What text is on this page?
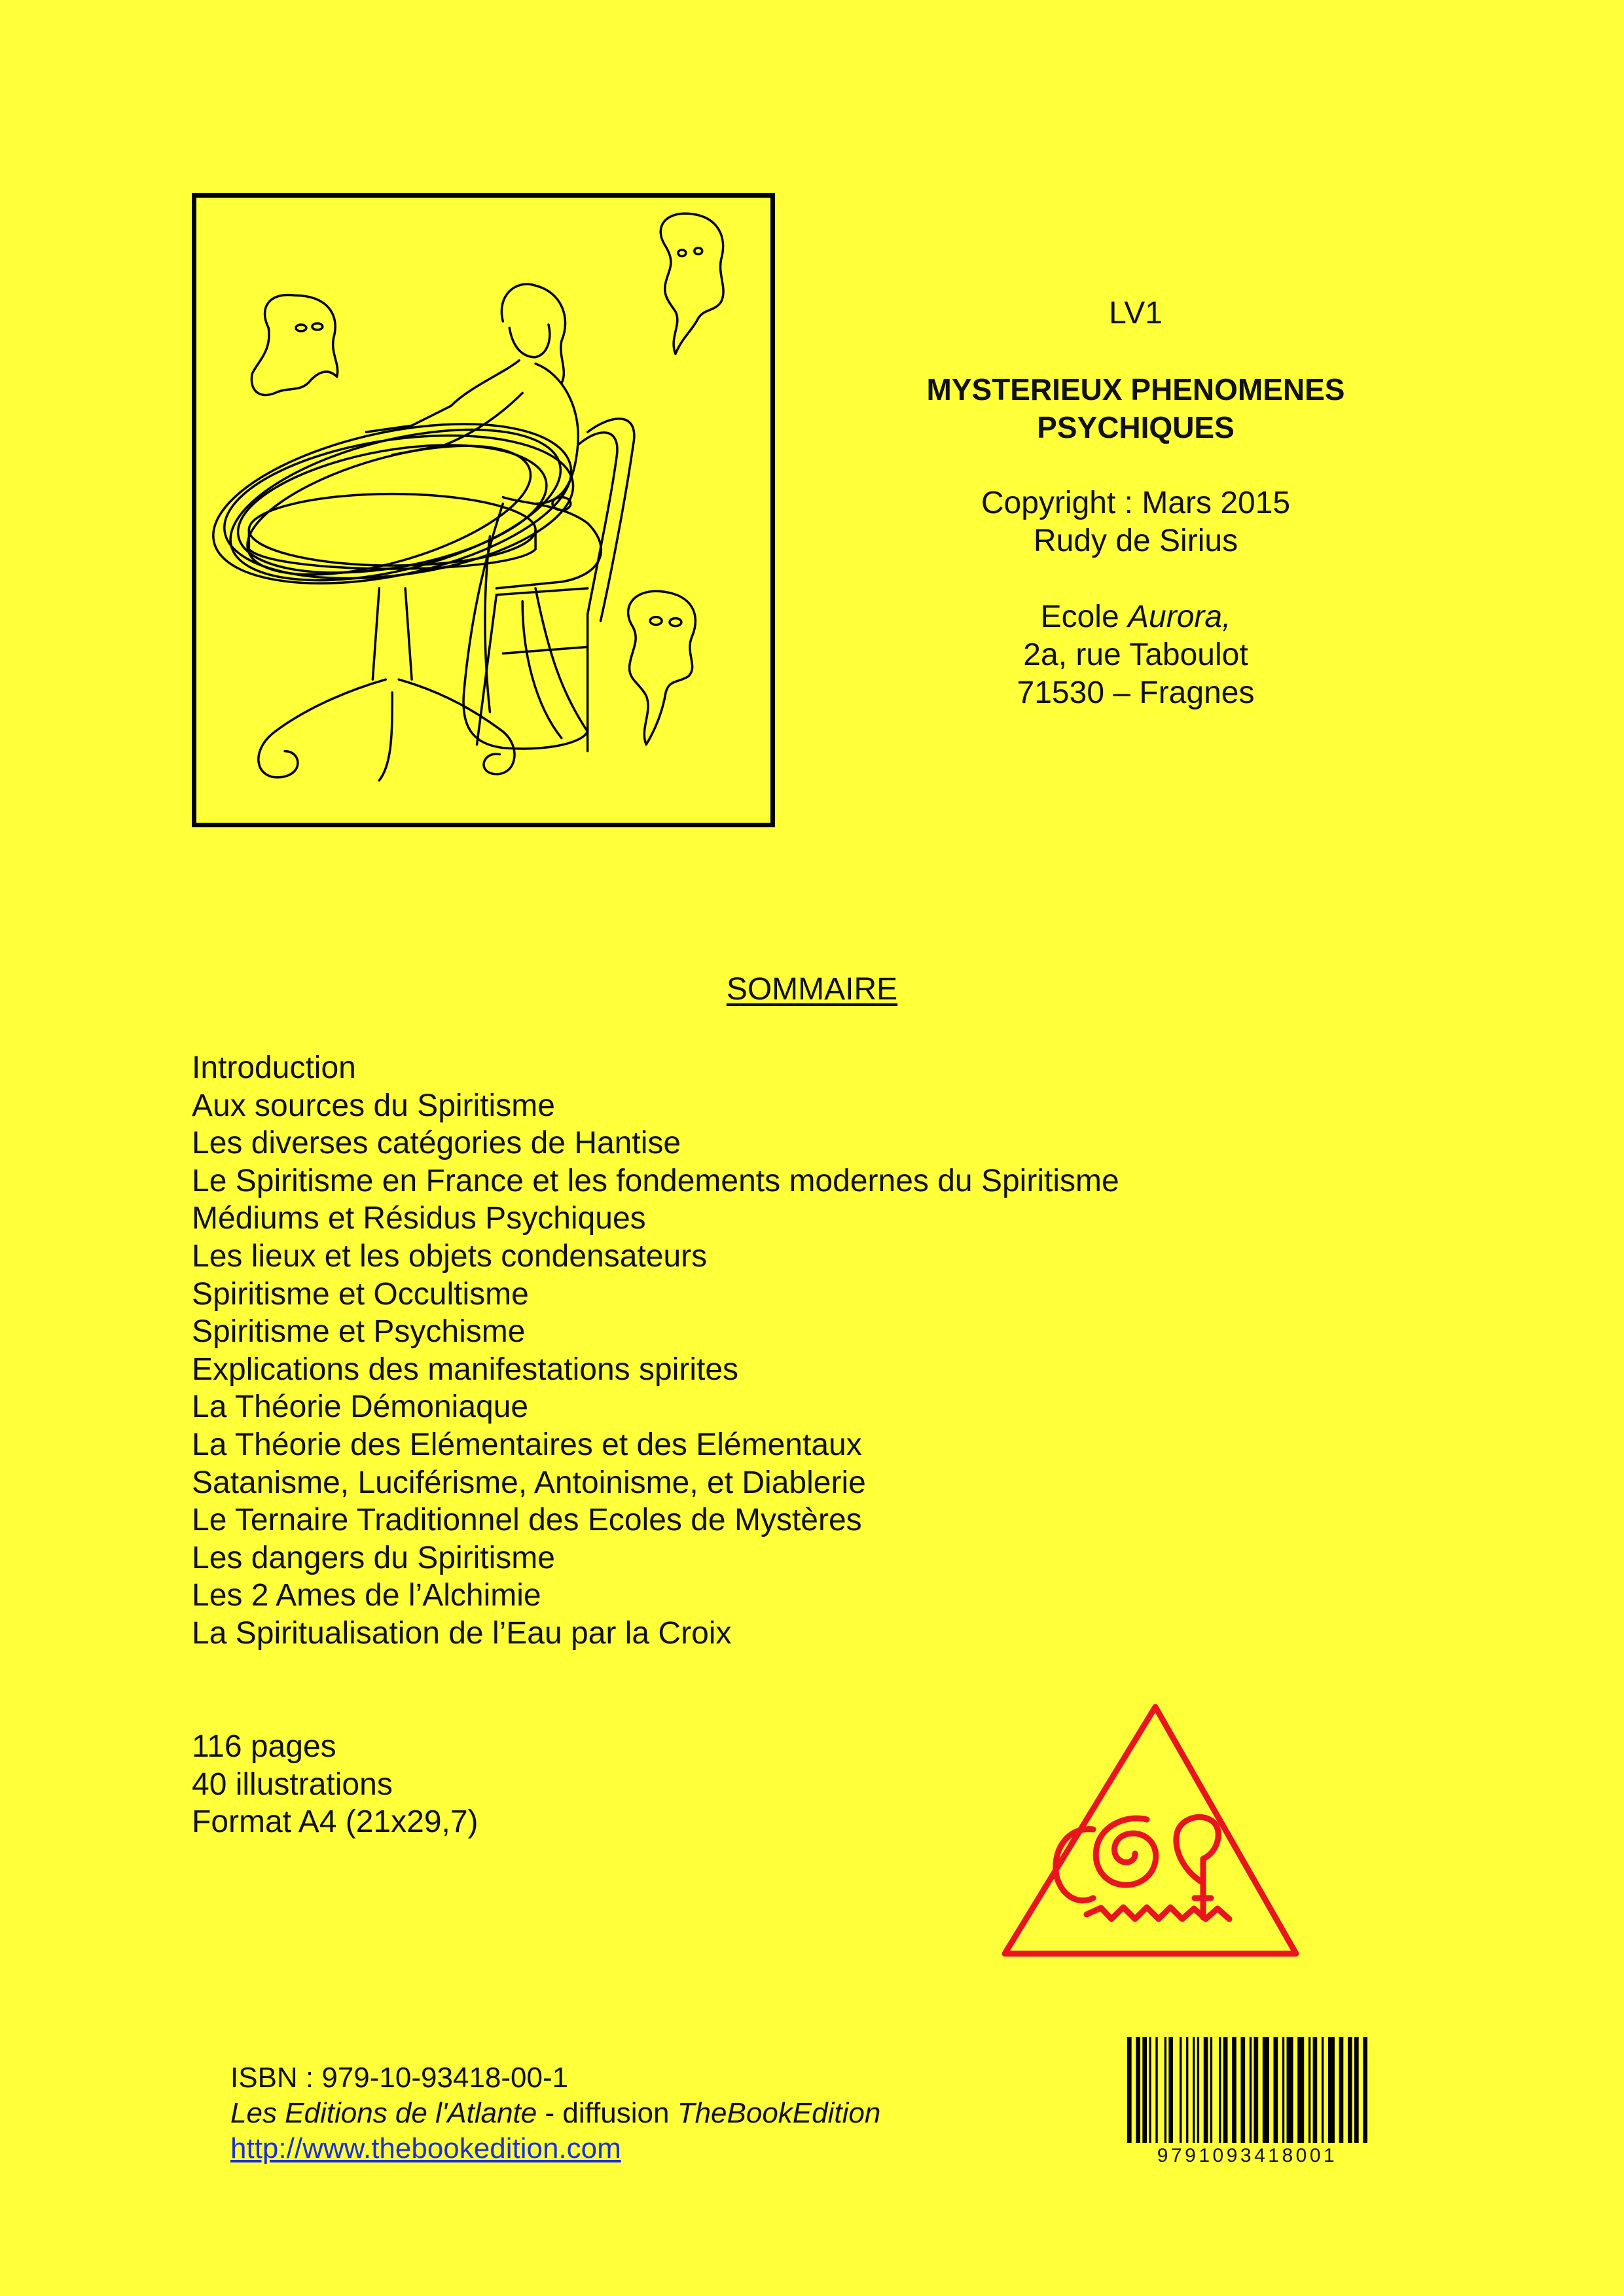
LV1
MYSTERIEUX PHENOMENES
PSYCHIQUES
Copyright : Mars 2015
Rudy de Sirius
Ecole Aurora,
2a, rue Taboulot
71530 – Fragnes
SOMMAIRE
Introduction
Aux sources du Spiritisme
Les diverses catégories de Hantise
Le Spiritisme en France et les fondements modernes du Spiritisme
Médiums et Résidus Psychiques
Les lieux et les objets condensateurs
Spiritisme et Occultisme
Spiritisme et Psychisme
Explications des manifestations spirites
La Théorie Démoniaque
La Théorie des Elémentaires et des Elémentaux
Satanisme, Luciférisme, Antoinisme, et Diablerie
Le Ternaire Traditionnel des Ecoles de Mystères
Les dangers du Spiritisme
Les 2 Ames de l’Alchimie
La Spiritualisation de l’Eau par la Croix
116 pages
40 illustrations
Format A4 (21x29,7)
ISBN : 979-10-93418-00-1
Les Editions de l'Atlante - diffusion TheBookEdition
http://www.thebookedition.com	9791093418001
